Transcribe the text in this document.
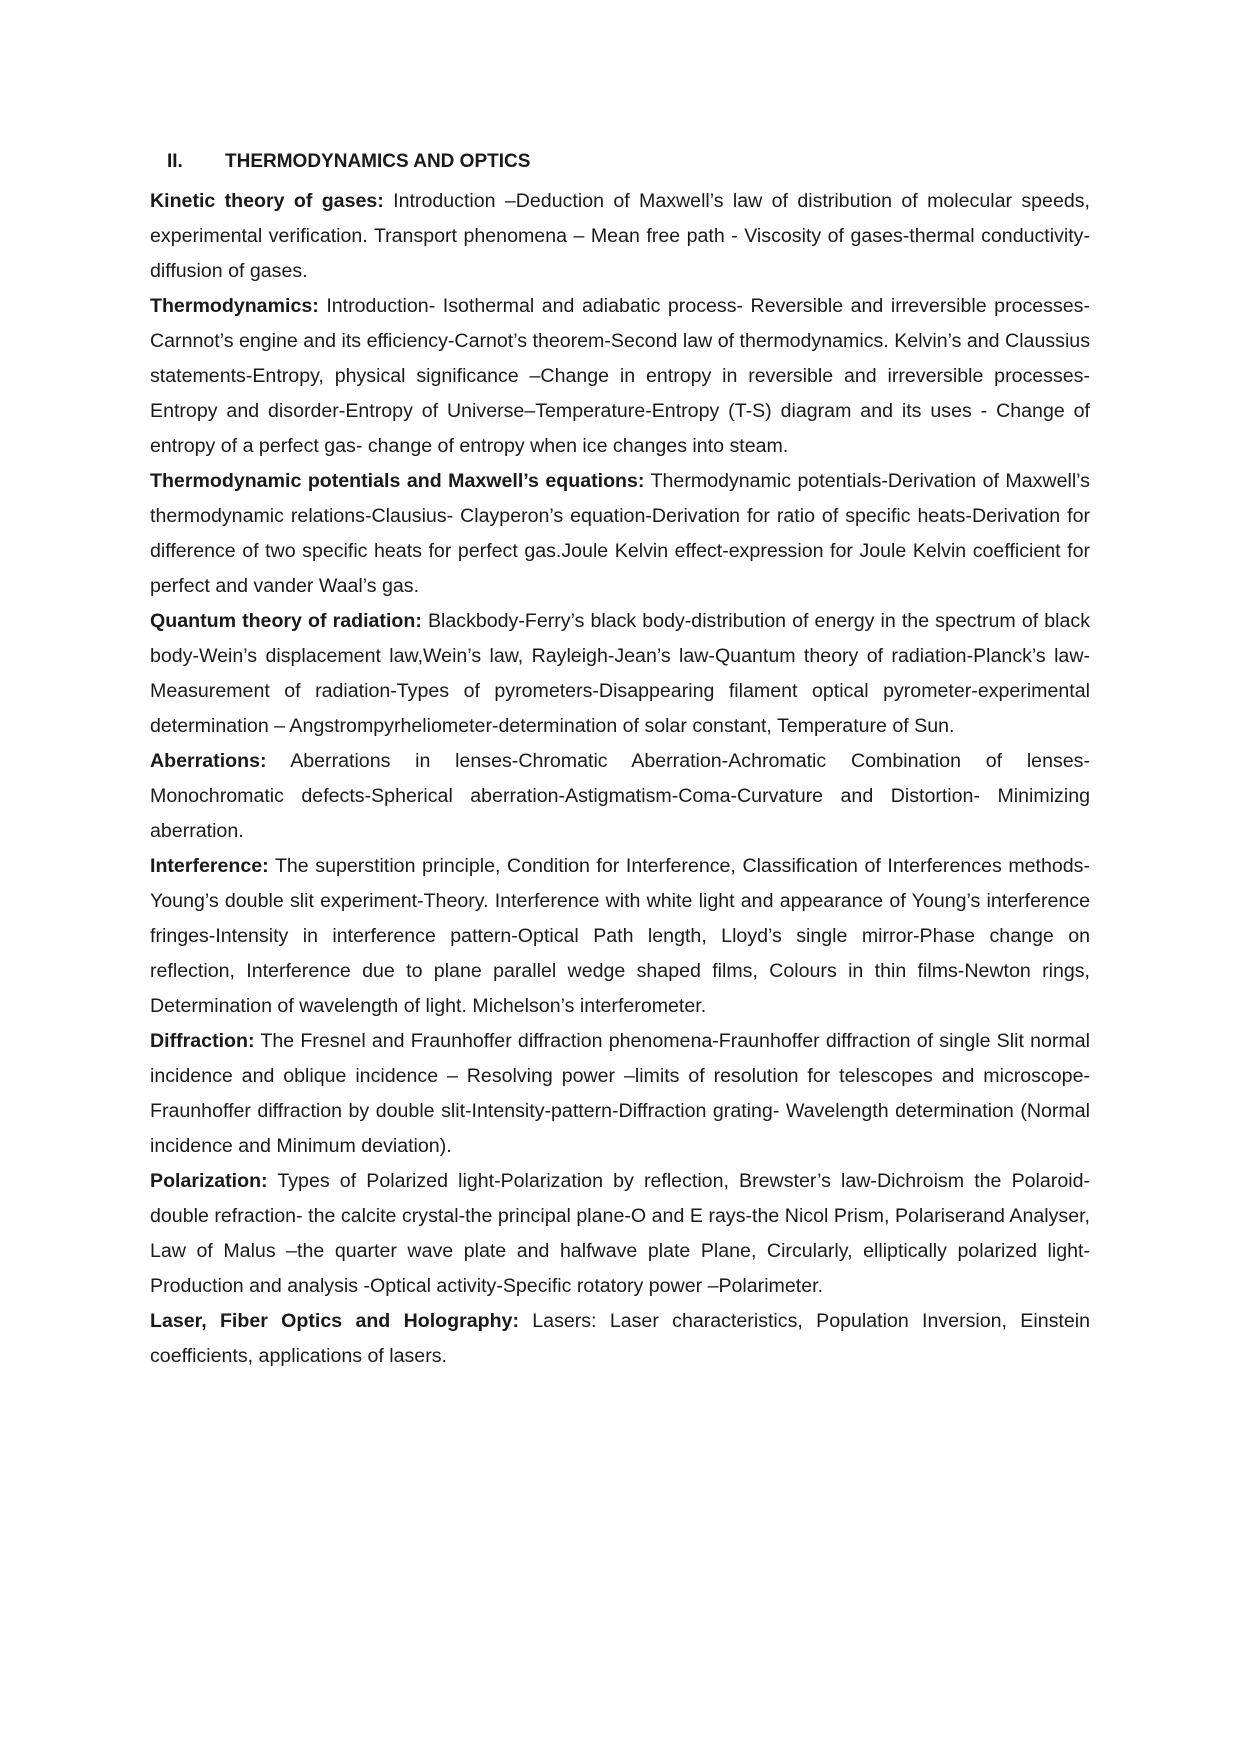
II. THERMODYNAMICS AND OPTICS

Kinetic theory of gases: Introduction –Deduction of Maxwell’s law of distribution of molecular speeds, experimental verification. Transport phenomena – Mean free path - Viscosity of gases-thermal conductivity-diffusion of gases.

Thermodynamics: Introduction- Isothermal and adiabatic process- Reversible and irreversible processes- Carnnot’s engine and its efficiency-Carnot’s theorem-Second law of thermodynamics. Kelvin’s and Claussius statements-Entropy, physical significance –Change in entropy in reversible and irreversible processes-Entropy and disorder-Entropy of Universe–Temperature-Entropy (T-S) diagram and its uses - Change of entropy of a perfect gas- change of entropy when ice changes into steam.

Thermodynamic potentials and Maxwell’s equations: Thermodynamic potentials-Derivation of Maxwell’s thermodynamic relations-Clausius- Clayperon’s equation-Derivation for ratio of specific heats-Derivation for difference of two specific heats for perfect gas.Joule Kelvin effect-expression for Joule Kelvin coefficient for perfect and vander Waal’s gas.

Quantum theory of radiation: Blackbody-Ferry’s black body-distribution of energy in the spectrum of black body-Wein’s displacement law,Wein’s law, Rayleigh-Jean’s law-Quantum theory of radiation-Planck’s law-Measurement of radiation-Types of pyrometers-Disappearing filament optical pyrometer-experimental determination – Angstrompyrheliometer-determination of solar constant, Temperature of Sun.

Aberrations: Aberrations in lenses-Chromatic Aberration-Achromatic Combination of lenses- Monochromatic defects-Spherical aberration-Astigmatism-Coma-Curvature and Distortion- Minimizing aberration.

Interference: The superstition principle, Condition for Interference, Classification of Interferences methods- Young’s double slit experiment-Theory. Interference with white light and appearance of Young’s interference fringes-Intensity in interference pattern-Optical Path length, Lloyd’s single mirror-Phase change on reflection, Interference due to plane parallel wedge shaped films, Colours in thin films-Newton rings, Determination of wavelength of light. Michelson’s interferometer.

Diffraction: The Fresnel and Fraunhoffer diffraction phenomena-Fraunhoffer diffraction of single Slit normal incidence and oblique incidence – Resolving power –limits of resolution for telescopes and microscope- Fraunhoffer diffraction by double slit-Intensity-pattern-Diffraction grating- Wavelength determination (Normal incidence and Minimum deviation).

Polarization: Types of Polarized light-Polarization by reflection, Brewster’s law-Dichroism the Polaroid- double refraction- the calcite crystal-the principal plane-O and E rays-the Nicol Prism, Polariserand Analyser, Law of Malus –the quarter wave plate and halfwave plate Plane, Circularly, elliptically polarized light-Production and analysis -Optical activity-Specific rotatory power –Polarimeter.

Laser, Fiber Optics and Holography: Lasers: Laser characteristics, Population Inversion, Einstein coefficients, applications of lasers.
